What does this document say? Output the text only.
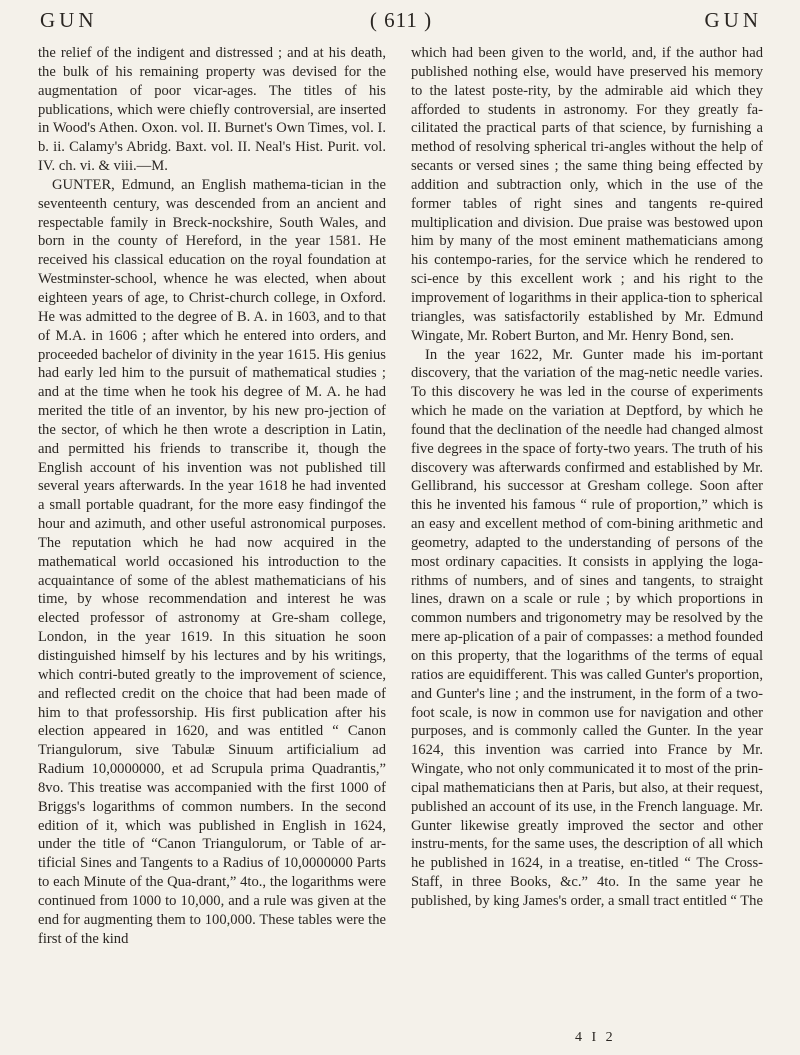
GUN	( 611 )	GUN

the relief of the indigent and distressed ; and at his death, the bulk of his remaining property was devised for the augmentation of poor vicar-ages. The titles of his publications, which were chiefly controversial, are inserted in Wood's Athen. Oxon. vol. II. Burnet's Own Times, vol. I. b. ii. Calamy's Abridg. Baxt. vol. II. Neal's Hist. Purit. vol. IV. ch. vi. & viii.—M.

GUNTER, Edmund, an English mathema-tician in the seventeenth century, was descended from an ancient and respectable family in Breck-nockshire, South Wales, and born in the county of Hereford, in the year 1581. He received his classical education on the royal foundation at Westminster-school, whence he was elected, when about eighteen years of age, to Christ-church college, in Oxford. He was admitted to the degree of B. A. in 1603, and to that of M.A. in 1606 ; after which he entered into orders, and proceeded bachelor of divinity in the year 1615. His genius had early led him to the pursuit of mathematical studies ; and at the time when he took his degree of M. A. he had merited the title of an inventor, by his new pro-jection of the sector, of which he then wrote a description in Latin, and permitted his friends to transcribe it, though the English account of his invention was not published till several years afterwards. In the year 1618 he had invented a small portable quadrant, for the more easy findingof the hour and azimuth, and other useful astronomical purposes. The reputation which he had now acquired in the mathematical world occasioned his introduction to the acquaintance of some of the ablest mathematicians of his time, by whose recommendation and interest he was elected professor of astronomy at Gre-sham college, London, in the year 1619. In this situation he soon distinguished himself by his lectures and by his writings, which contri-buted greatly to the improvement of science, and reflected credit on the choice that had been made of him to that professorship. His first publication after his election appeared in 1620, and was entitled “ Canon Triangulorum, sive Tabulæ Sinuum artificialium ad Radium 10,0000000, et ad Scrupula prima Quadrantis,” 8vo. This treatise was accompanied with the first 1000 of Briggs's logarithms of common numbers. In the second edition of it, which was published in English in 1624, under the title of “Canon Triangulorum, or Table of ar-tificial Sines and Tangents to a Radius of 10,0000000 Parts to each Minute of the Qua-drant,” 4to., the logarithms were continued from 1000 to 10,000, and a rule was given at the end for augmenting them to 100,000. These tables were the first of the kind

which had been given to the world, and, if the author had published nothing else, would have preserved his memory to the latest poste-rity, by the admirable aid which they afforded to students in astronomy. For they greatly fa-cilitated the practical parts of that science, by furnishing a method of resolving spherical tri-angles without the help of secants or versed sines ; the same thing being effected by addition and subtraction only, which in the use of the former tables of right sines and tangents re-quired multiplication and division. Due praise was bestowed upon him by many of the most eminent mathematicians among his contempo-raries, for the service which he rendered to sci-ence by this excellent work ; and his right to the improvement of logarithms in their applica-tion to spherical triangles, was satisfactorily established by Mr. Edmund Wingate, Mr. Robert Burton, and Mr. Henry Bond, sen.

In the year 1622, Mr. Gunter made his im-portant discovery, that the variation of the mag-netic needle varies. To this discovery he was led in the course of experiments which he made on the variation at Deptford, by which he found that the declination of the needle had changed almost five degrees in the space of forty-two years. The truth of his discovery was afterwards confirmed and established by Mr. Gellibrand, his successor at Gresham college. Soon after this he invented his famous “ rule of proportion,” which is an easy and excellent method of com-bining arithmetic and geometry, adapted to the understanding of persons of the most ordinary capacities. It consists in applying the loga-rithms of numbers, and of sines and tangents, to straight lines, drawn on a scale or rule ; by which proportions in common numbers and trigonometry may be resolved by the mere ap-plication of a pair of compasses: a method founded on this property, that the logarithms of the terms of equal ratios are equidifferent. This was called Gunter's proportion, and Gunter's line ; and the instrument, in the form of a two-foot scale, is now in common use for navigation and other purposes, and is commonly called the Gunter. In the year 1624, this invention was carried into France by Mr. Wingate, who not only communicated it to most of the prin-cipal mathematicians then at Paris, but also, at their request, published an account of its use, in the French language. Mr. Gunter likewise greatly improved the sector and other instru-ments, for the same uses, the description of all which he published in 1624, in a treatise, en-titled “ The Cross-Staff, in three Books, &c.” 4to. In the same year he published, by king James's order, a small tract entitled “ The

4 I 2
